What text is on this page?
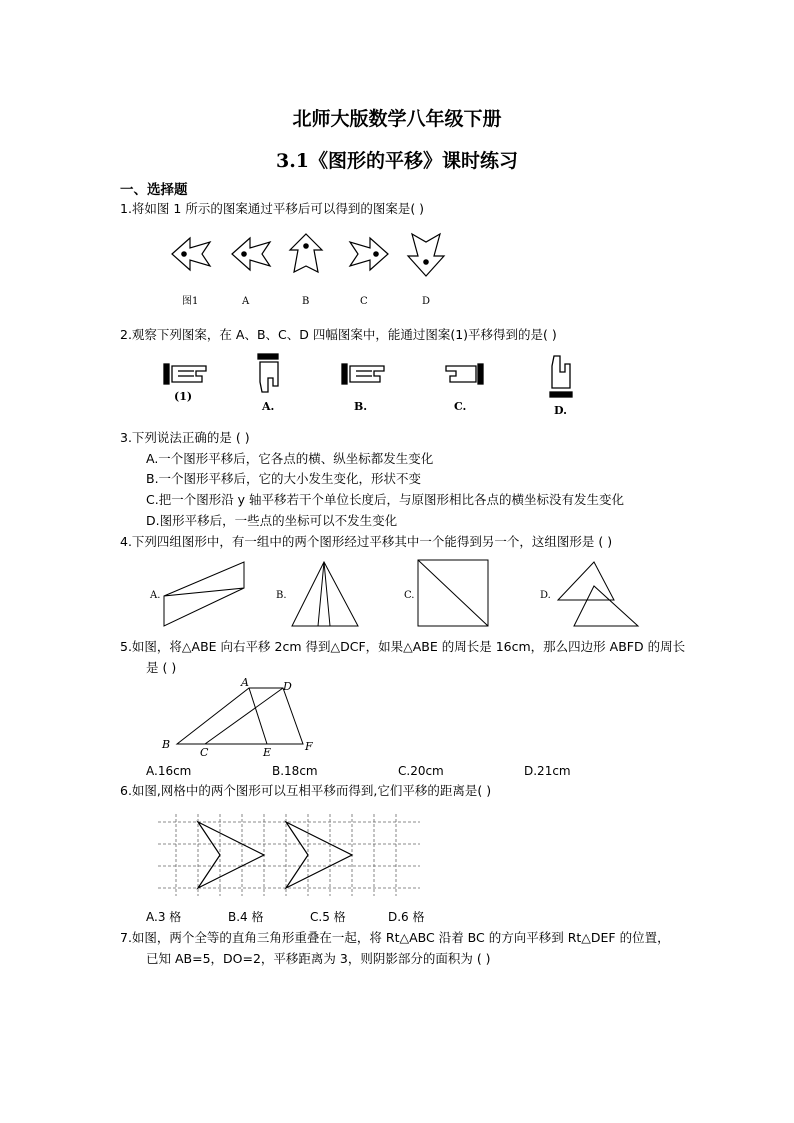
北师大版数学八年级下册
3.1《图形的平移》课时练习
一、选择题
1.将如图 1 所示的图案通过平移后可以得到的图案是( )
图1	A	B	C	D
2.观察下列图案，在 A、B、C、D 四幅图案中，能通过图案(1)平移得到的是( )
(1)
A.	B.	C.	D.
3.下列说法正确的是 ( )
A.一个图形平移后，它各点的横、纵坐标都发生变化
B.一个图形平移后，它的大小发生变化，形状不变
C.把一个图形沿 y 轴平移若干个单位长度后，与原图形相比各点的横坐标没有发生变化
D.图形平移后，一些点的坐标可以不发生变化
4.下列四组图形中，有一组中的两个图形经过平移其中一个能得到另一个，这组图形是 ( )
A.	B.	C.	D.
5.如图，将△ABE 向右平移 2cm 得到△DCF，如果△ABE 的周长是 16cm，那么四边形 ABFD 的周长
是 ( )
A	D
B
C	E	F
A.16cm	B.18cm	C.20cm	D.21cm
6.如图,网格中的两个图形可以互相平移而得到,它们平移的距离是( )
A.3 格	B.4 格	C.5 格	D.6 格
7.如图，两个全等的直角三角形重叠在一起，将 Rt△ABC 沿着 BC 的方向平移到 Rt△DEF 的位置，
已知 AB=5，DO=2，平移距离为 3，则阴影部分的面积为 ( )
